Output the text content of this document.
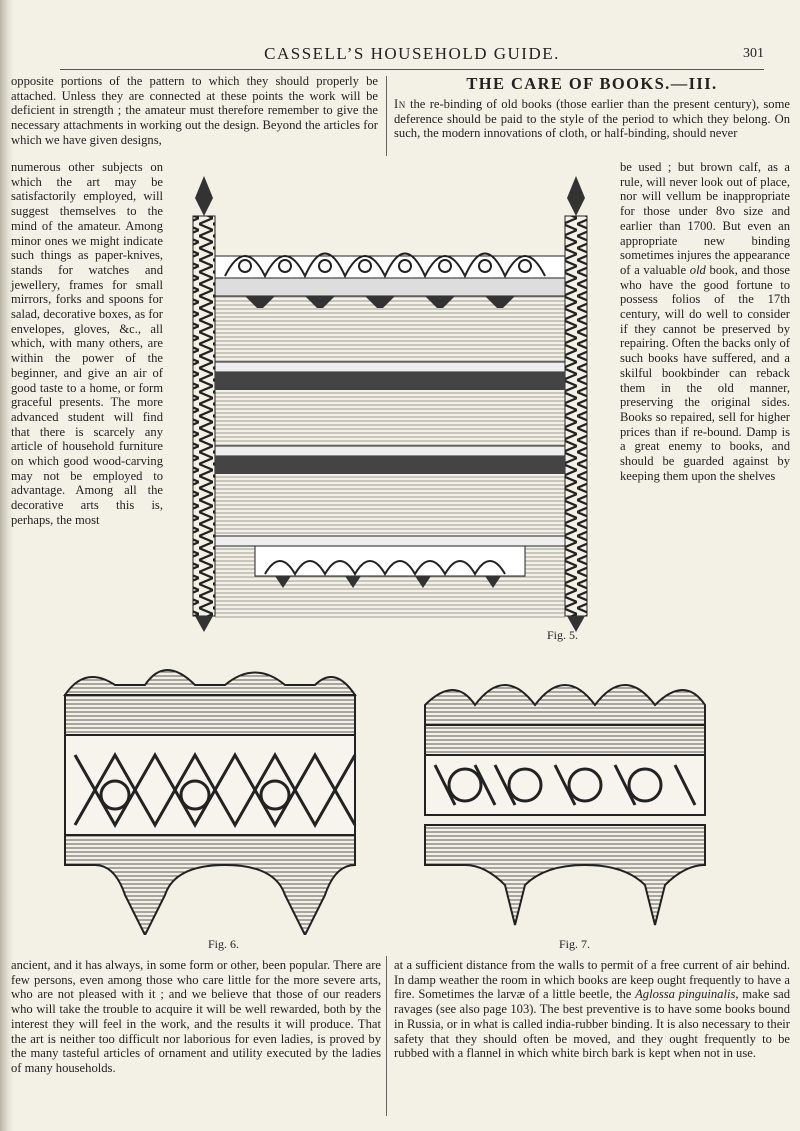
CASSELL’S HOUSEHOLD GUIDE.	301

opposite portions of the pattern to which they should properly be attached. Unless they are connected at these points the work will be deficient in strength ; the amateur must therefore remember to give the necessary attachments in working out the design. Beyond the articles for which we have given designs,

numerous other subjects on which the art may be satisfactorily employed, will suggest themselves to the mind of the amateur. Among minor ones we might indicate such things as paper-knives, stands for watches and jewellery, frames for small mirrors, forks and spoons for salad, decorative boxes, as for envelopes, gloves, &c., all which, with many others, are within the power of the beginner, and give an air of good taste to a home, or form graceful presents. The more advanced student will find that there is scarcely any article of household furniture on which good wood-carving may not be employed to advantage. Among all the decorative arts this is, perhaps, the most

THE CARE OF BOOKS.—III.

In the re-binding of old books (those earlier than the present century), some deference should be paid to the style of the period to which they belong. On such, the modern innovations of cloth, or half-binding, should never

be used ; but brown calf, as a rule, will never look out of place, nor will vellum be inappropriate for those under 8vo size and earlier than 1700. But even an appropriate new binding sometimes injures the appearance of a valuable old book, and those who have the good fortune to possess folios of the 17th century, will do well to consider if they cannot be preserved by repairing. Often the backs only of such books have suffered, and a skilful bookbinder can reback them in the old manner, preserving the original sides. Books so repaired, sell for higher prices than if re-bound. Damp is a great enemy to books, and should be guarded against by keeping them upon the shelves

Fig. 5.
Fig. 6.	Fig. 7.

ancient, and it has always, in some form or other, been popular. There are few persons, even among those who care little for the more severe arts, who are not pleased with it ; and we believe that those of our readers who will take the trouble to acquire it will be well rewarded, both by the interest they will feel in the work, and the results it will produce. That the art is neither too difficult nor laborious for even ladies, is proved by the many tasteful articles of ornament and utility executed by the ladies of many households.

at a sufficient distance from the walls to permit of a free current of air behind. In damp weather the room in which books are keep ought frequently to have a fire. Sometimes the larvæ of a little beetle, the Aglossa pinguinalis, make sad ravages (see also page 103). The best preventive is to have some books bound in Russia, or in what is called india-rubber binding. It is also necessary to their safety that they should often be moved, and they ought frequently to be rubbed with a flannel in which white birch bark is kept when not in use.
